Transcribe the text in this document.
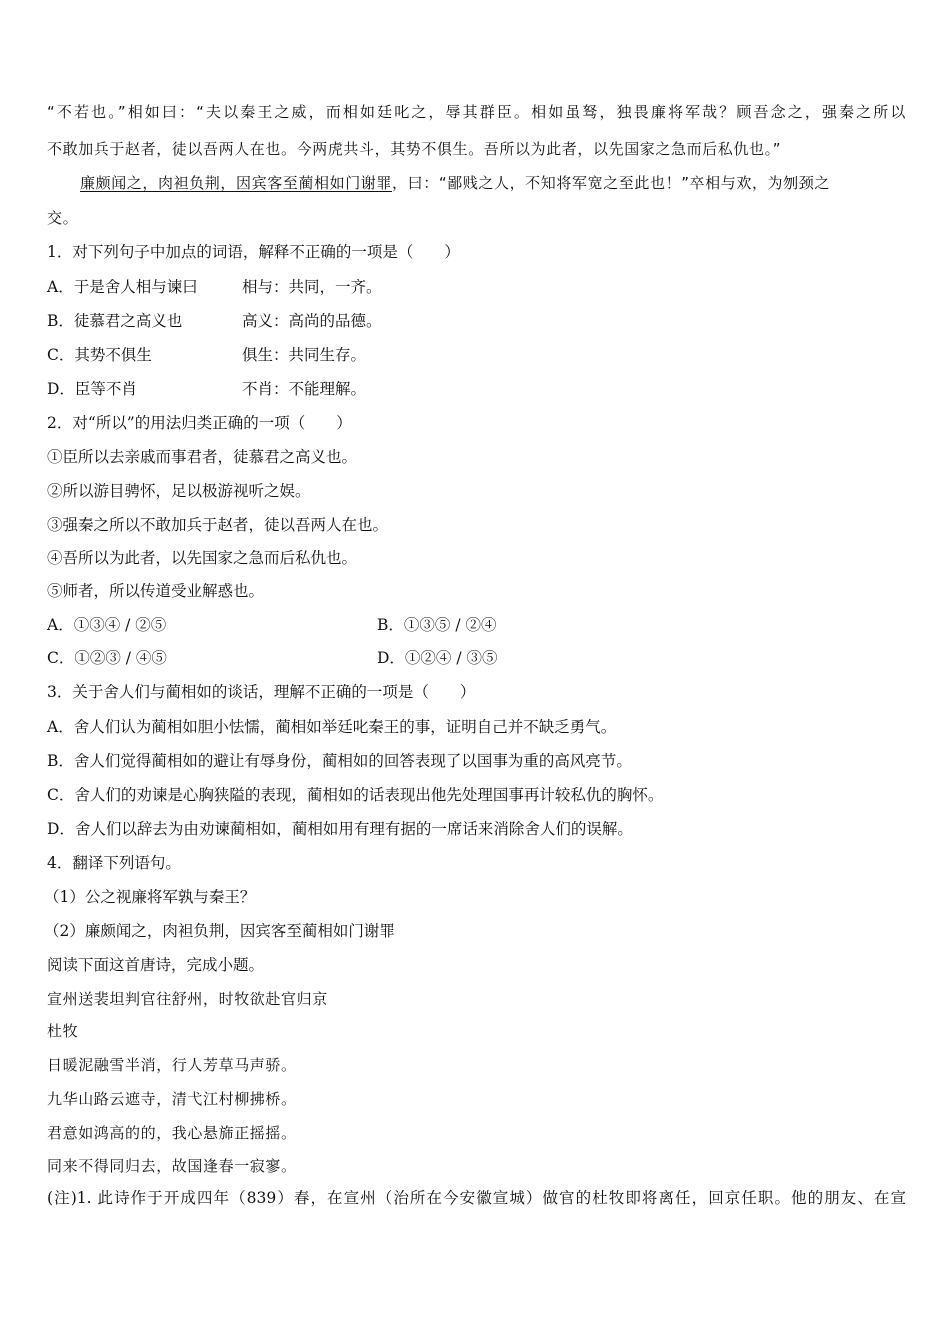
“不若也。”相如曰：“夫以秦王之威，而相如廷叱之，辱其群臣。相如虽驽，独畏廉将军哉？顾吾念之，强秦之所以
不敢加兵于赵者，徒以吾两人在也。今两虎共斗，其势不俱生。吾所以为此者，以先国家之急而后私仇也。”
廉颇闻之，肉袒负荆，因宾客至蔺相如门谢罪，曰：“鄙贱之人，不知将军宽之至此也！”卒相与欢，为刎颈之
交。
1．对下列句子中加点的词语，解释不正确的一项是（　　）
A．于是舍人相与谏曰	相与：共同，一齐。
B．徒慕君之高义也	高义：高尚的品德。
C．其势不俱生	俱生：共同生存。
D．臣等不肖	不肖：不能理解。
2．对“所以”的用法归类正确的一项（　　）
①臣所以去亲戚而事君者，徒慕君之高义也。
②所以游目骋怀，足以极游视听之娱。
③强秦之所以不敢加兵于赵者，徒以吾两人在也。
④吾所以为此者，以先国家之急而后私仇也。
⑤师者，所以传道受业解惑也。
A．①③④ / ②⑤	B．①③⑤ / ②④
C．①②③ / ④⑤	D．①②④ / ③⑤
3．关于舍人们与蔺相如的谈话，理解不正确的一项是（　　）
A．舍人们认为蔺相如胆小怯懦，蔺相如举廷叱秦王的事，证明自己并不缺乏勇气。
B．舍人们觉得蔺相如的避让有辱身份，蔺相如的回答表现了以国事为重的高风亮节。
C．舍人们的劝谏是心胸狭隘的表现，蔺相如的话表现出他先处理国事再计较私仇的胸怀。
D．舍人们以辞去为由劝谏蔺相如，蔺相如用有理有据的一席话来消除舍人们的误解。
4．翻译下列语句。
（1）公之视廉将军孰与秦王？
（2）廉颇闻之，肉袒负荆，因宾客至蔺相如门谢罪
阅读下面这首唐诗，完成小题。
宣州送裴坦判官往舒州，时牧欲赴官归京
杜牧
日暖泥融雪半消，行人芳草马声骄。
九华山路云遮寺，清弋江村柳拂桥。
君意如鸿高的的，我心悬旆正摇摇。
同来不得同归去，故国逢春一寂寥。
(注)1. 此诗作于开成四年（839）春，在宣州（治所在今安徽宣城）做官的杜牧即将离任，回京任职。他的朋友、在宣
